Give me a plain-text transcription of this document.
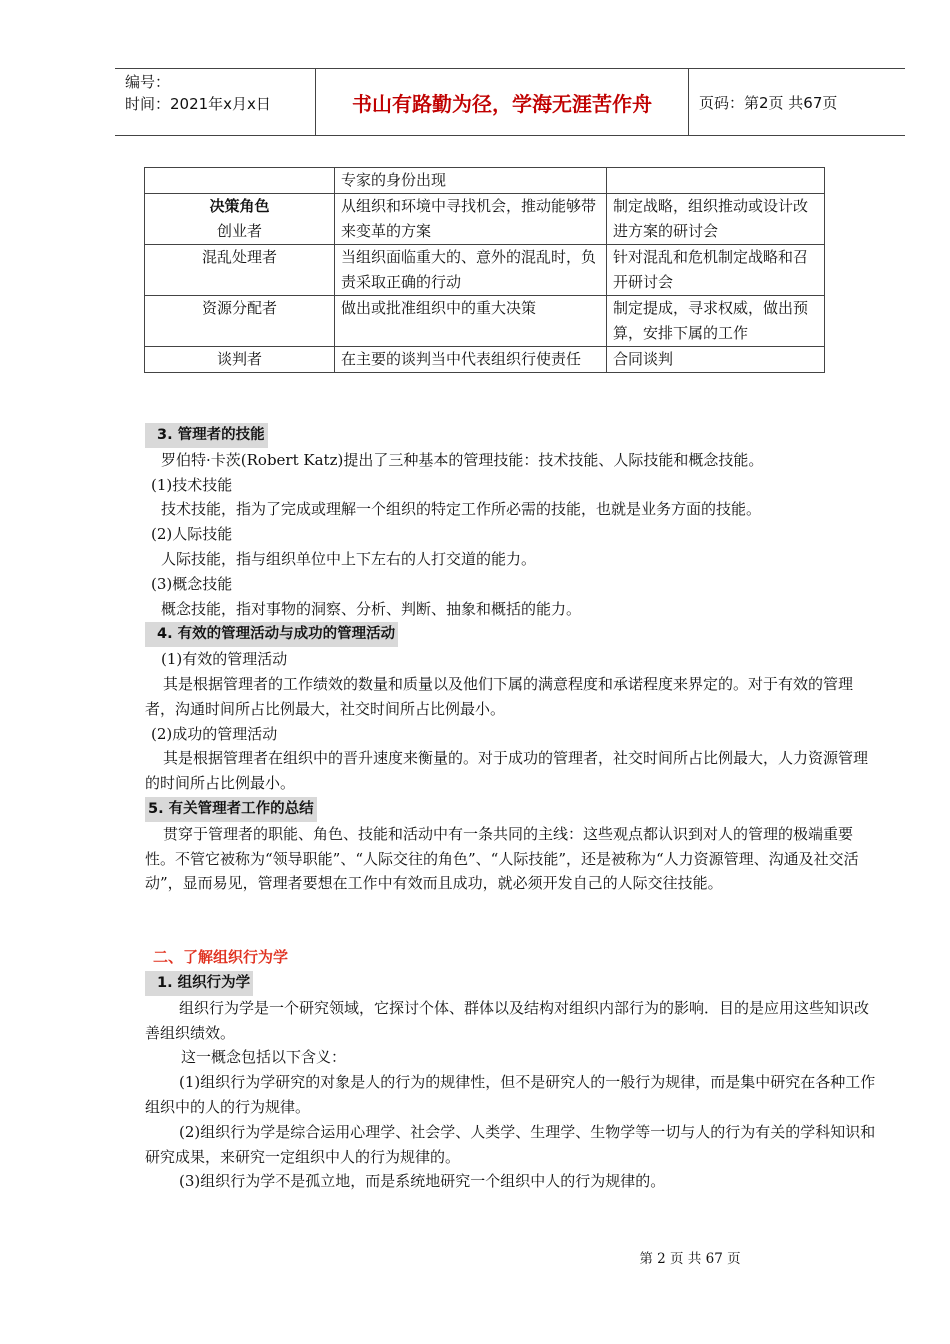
编号：
时间：2021年x月x日	书山有路勤为径，学海无涯苦作舟	页码：第2页 共67页
	专家的身份出现	

决策角色
创业者	从组织和环境中寻找机会，推动能够带来变革的方案	制定战略，组织推动或设计改进方案的研讨会
混乱处理者	当组织面临重大的、意外的混乱时，负责采取正确的行动	针对混乱和危机制定战略和召开研讨会
资源分配者	做出或批准组织中的重大决策	制定提成，寻求权威，做出预算，安排下属的工作
谈判者	在主要的谈判当中代表组织行使责任	合同谈判

3. 管理者的技能

罗伯特·卡茨(Robert Katz)提出了三种基本的管理技能：技术技能、人际技能和概念技能。

(1)技术技能

技术技能，指为了完成或理解一个组织的特定工作所必需的技能，也就是业务方面的技能。

(2)人际技能

人际技能，指与组织单位中上下左右的人打交道的能力。

(3)概念技能

概念技能，指对事物的洞察、分析、判断、抽象和概括的能力。

4. 有效的管理活动与成功的管理活动

(1)有效的管理活动

其是根据管理者的工作绩效的数量和质量以及他们下属的满意程度和承诺程度来界定的。对于有效的管理者，沟通时间所占比例最大，社交时间所占比例最小。

(2)成功的管理活动

其是根据管理者在组织中的晋升速度来衡量的。对于成功的管理者，社交时间所占比例最大，人力资源管理的时间所占比例最小。

5. 有关管理者工作的总结

贯穿于管理者的职能、角色、技能和活动中有一条共同的主线：这些观点都认识到对人的管理的极端重要性。不管它被称为“领导职能”、“人际交往的角色”、“人际技能”，还是被称为“人力资源管理、沟通及社交活动”，显而易见，管理者要想在工作中有效而且成功，就必须开发自己的人际交往技能。

二、了解组织行为学

1. 组织行为学

组织行为学是一个研究领域，它探讨个体、群体以及结构对组织内部行为的影响．目的是应用这些知识改善组织绩效。

这一概念包括以下含义：

(1)组织行为学研究的对象是人的行为的规律性，但不是研究人的一般行为规律，而是集中研究在各种工作组织中的人的行为规律。

(2)组织行为学是综合运用心理学、社会学、人类学、生理学、生物学等一切与人的行为有关的学科知识和研究成果，来研究一定组织中人的行为规律的。

(3)组织行为学不是孤立地，而是系统地研究一个组织中人的行为规律的。

第 2 页 共 67 页
